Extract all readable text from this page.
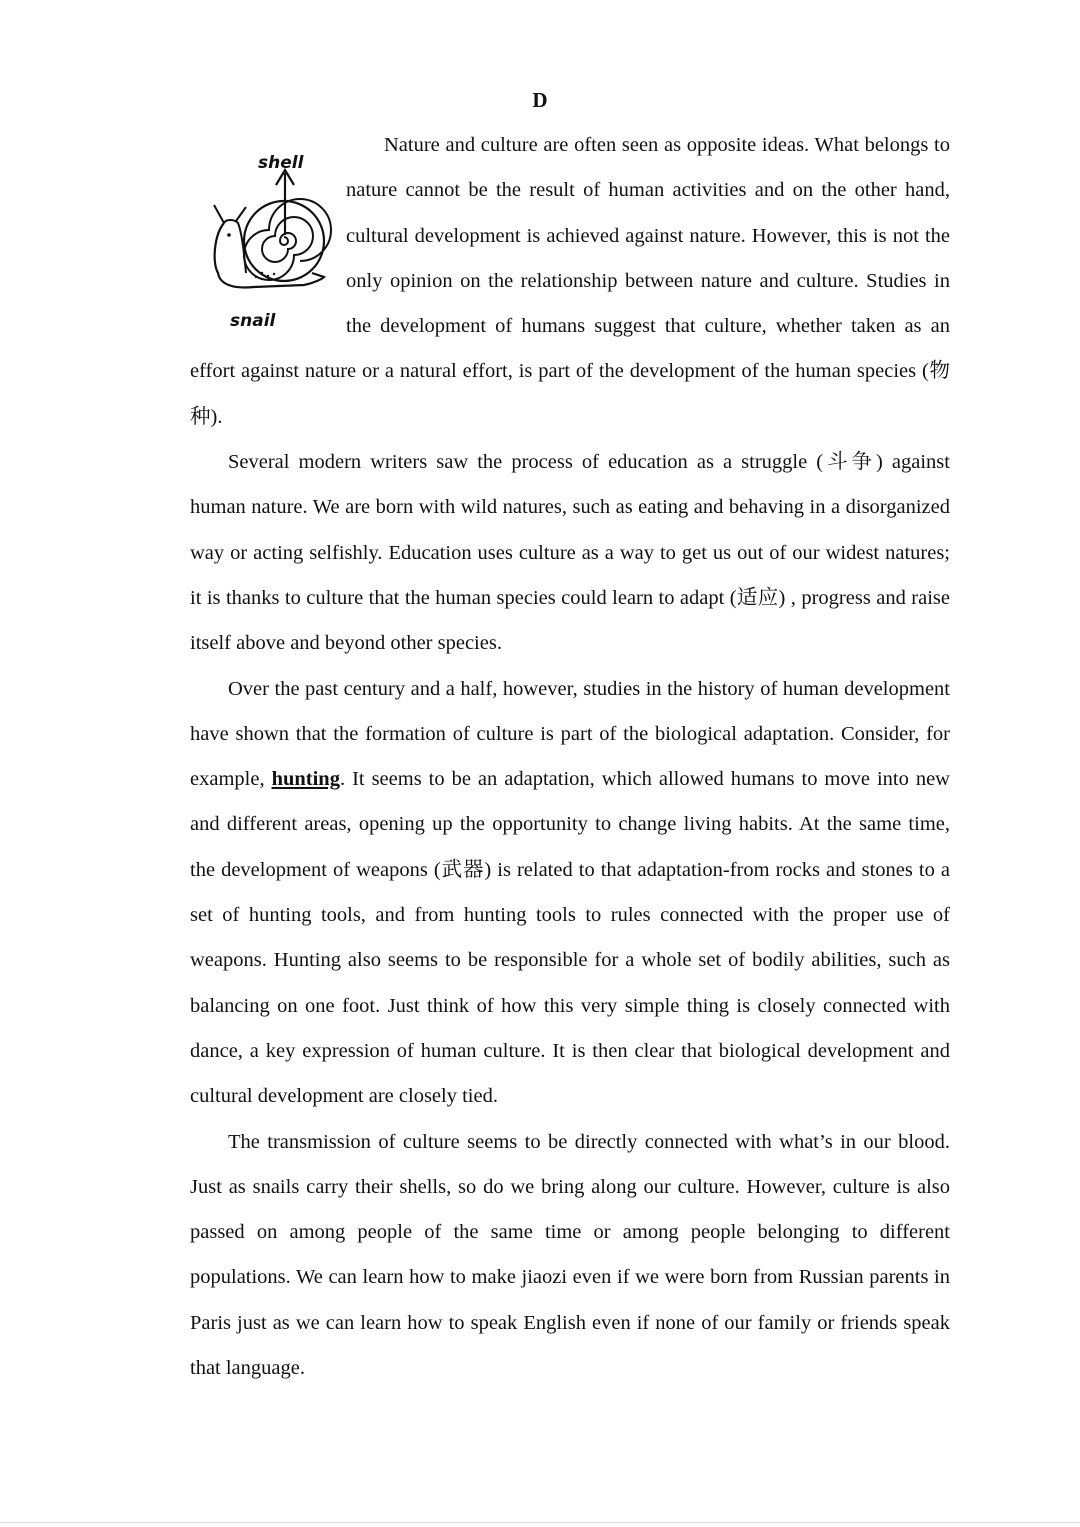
D

shell
snail
Nature and culture are often seen as opposite ideas. What belongs to nature cannot be the result of human activities and on the other hand, cultural development is achieved against nature. However, this is not the only opinion on the relationship between nature and culture. Studies in the development of humans suggest that culture, whether taken as an effort against nature or a natural effort, is part of the development of the human species (物种).

Several modern writers saw the process of education as a struggle (斗争) against human nature. We are born with wild natures, such as eating and behaving in a disorganized way or acting selfishly. Education uses culture as a way to get us out of our widest natures; it is thanks to culture that the human species could learn to adapt (适应) , progress and raise itself above and beyond other species.

Over the past century and a half, however, studies in the history of human development have shown that the formation of culture is part of the biological adaptation. Consider, for example, hunting. It seems to be an adaptation, which allowed humans to move into new and different areas, opening up the opportunity to change living habits. At the same time, the development of weapons (武器) is related to that adaptation-from rocks and stones to a set of hunting tools, and from hunting tools to rules connected with the proper use of weapons. Hunting also seems to be responsible for a whole set of bodily abilities, such as balancing on one foot. Just think of how this very simple thing is closely connected with dance, a key expression of human culture. It is then clear that biological development and cultural development are closely tied.

The transmission of culture seems to be directly connected with what’s in our blood. Just as snails carry their shells, so do we bring along our culture. However, culture is also passed on among people of the same time or among people belonging to different populations. We can learn how to make jiaozi even if we were born from Russian parents in Paris just as we can learn how to speak English even if none of our family or friends speak that language.
